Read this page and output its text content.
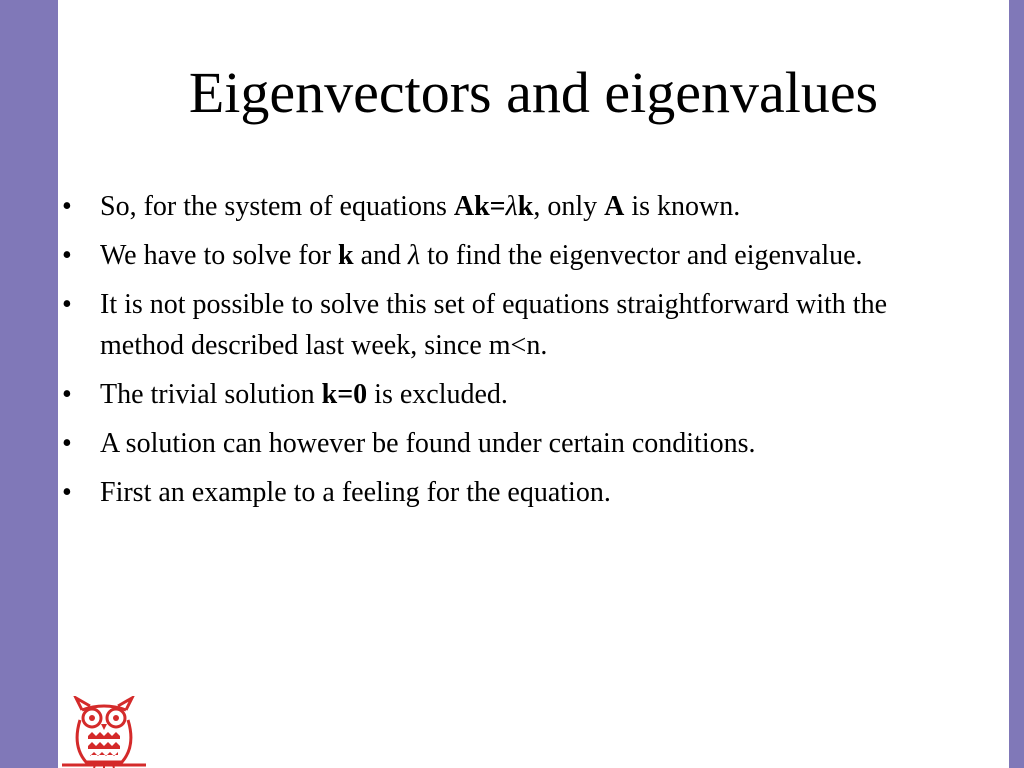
Eigenvectors and eigenvalues
• So, for the system of equations Ak=λk, only A is known.
• We have to solve for k and λ to find the eigenvector and eigenvalue.
• It is not possible to solve this set of equations straightforward with the method described last week, since m<n.
• The trivial solution k=0 is excluded.
• A solution can however be found under certain conditions.
• First an example to a feeling for the equation.
